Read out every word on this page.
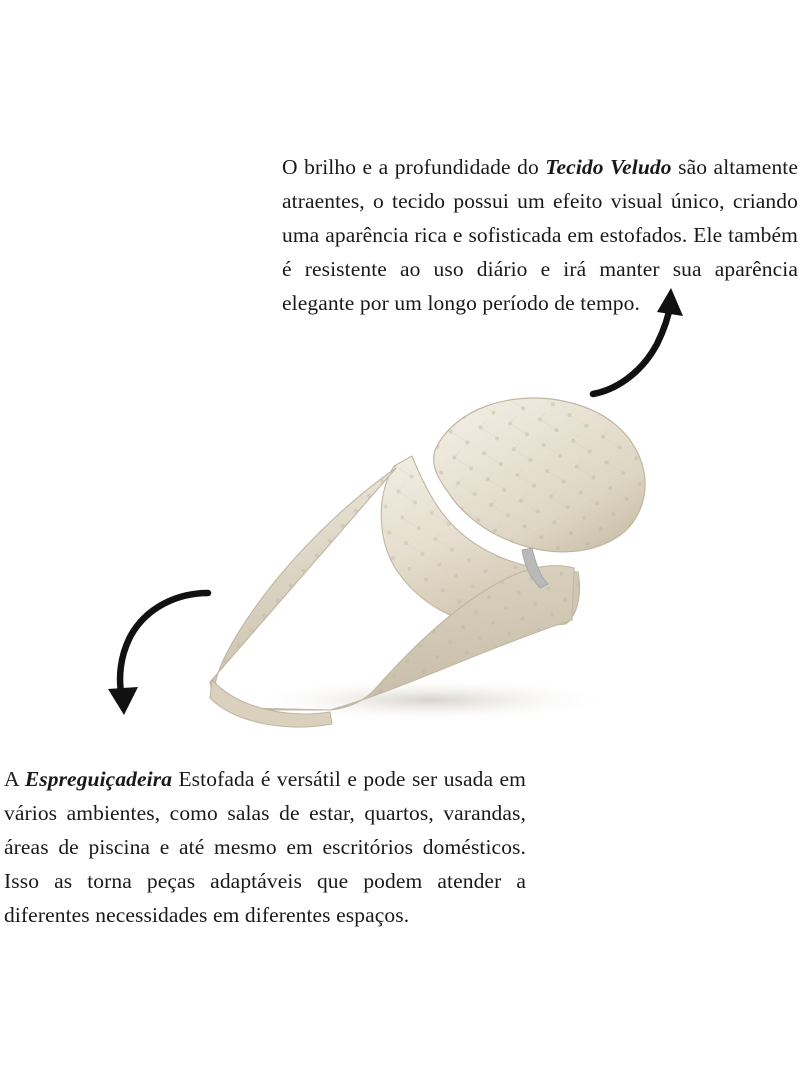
O brilho e a profundidade do Tecido Veludo são altamente atraentes, o tecido possui um efeito visual único, criando uma aparência rica e sofisticada em estofados. Ele também é resistente ao uso diário e irá manter sua aparência elegante por um longo período de tempo.

A Espreguiçadeira Estofada é versátil e pode ser usada em vários ambientes, como salas de estar, quartos, varandas, áreas de piscina e até mesmo em escritórios domésticos. Isso as torna peças adaptáveis que podem atender a diferentes necessidades em diferentes espaços.
